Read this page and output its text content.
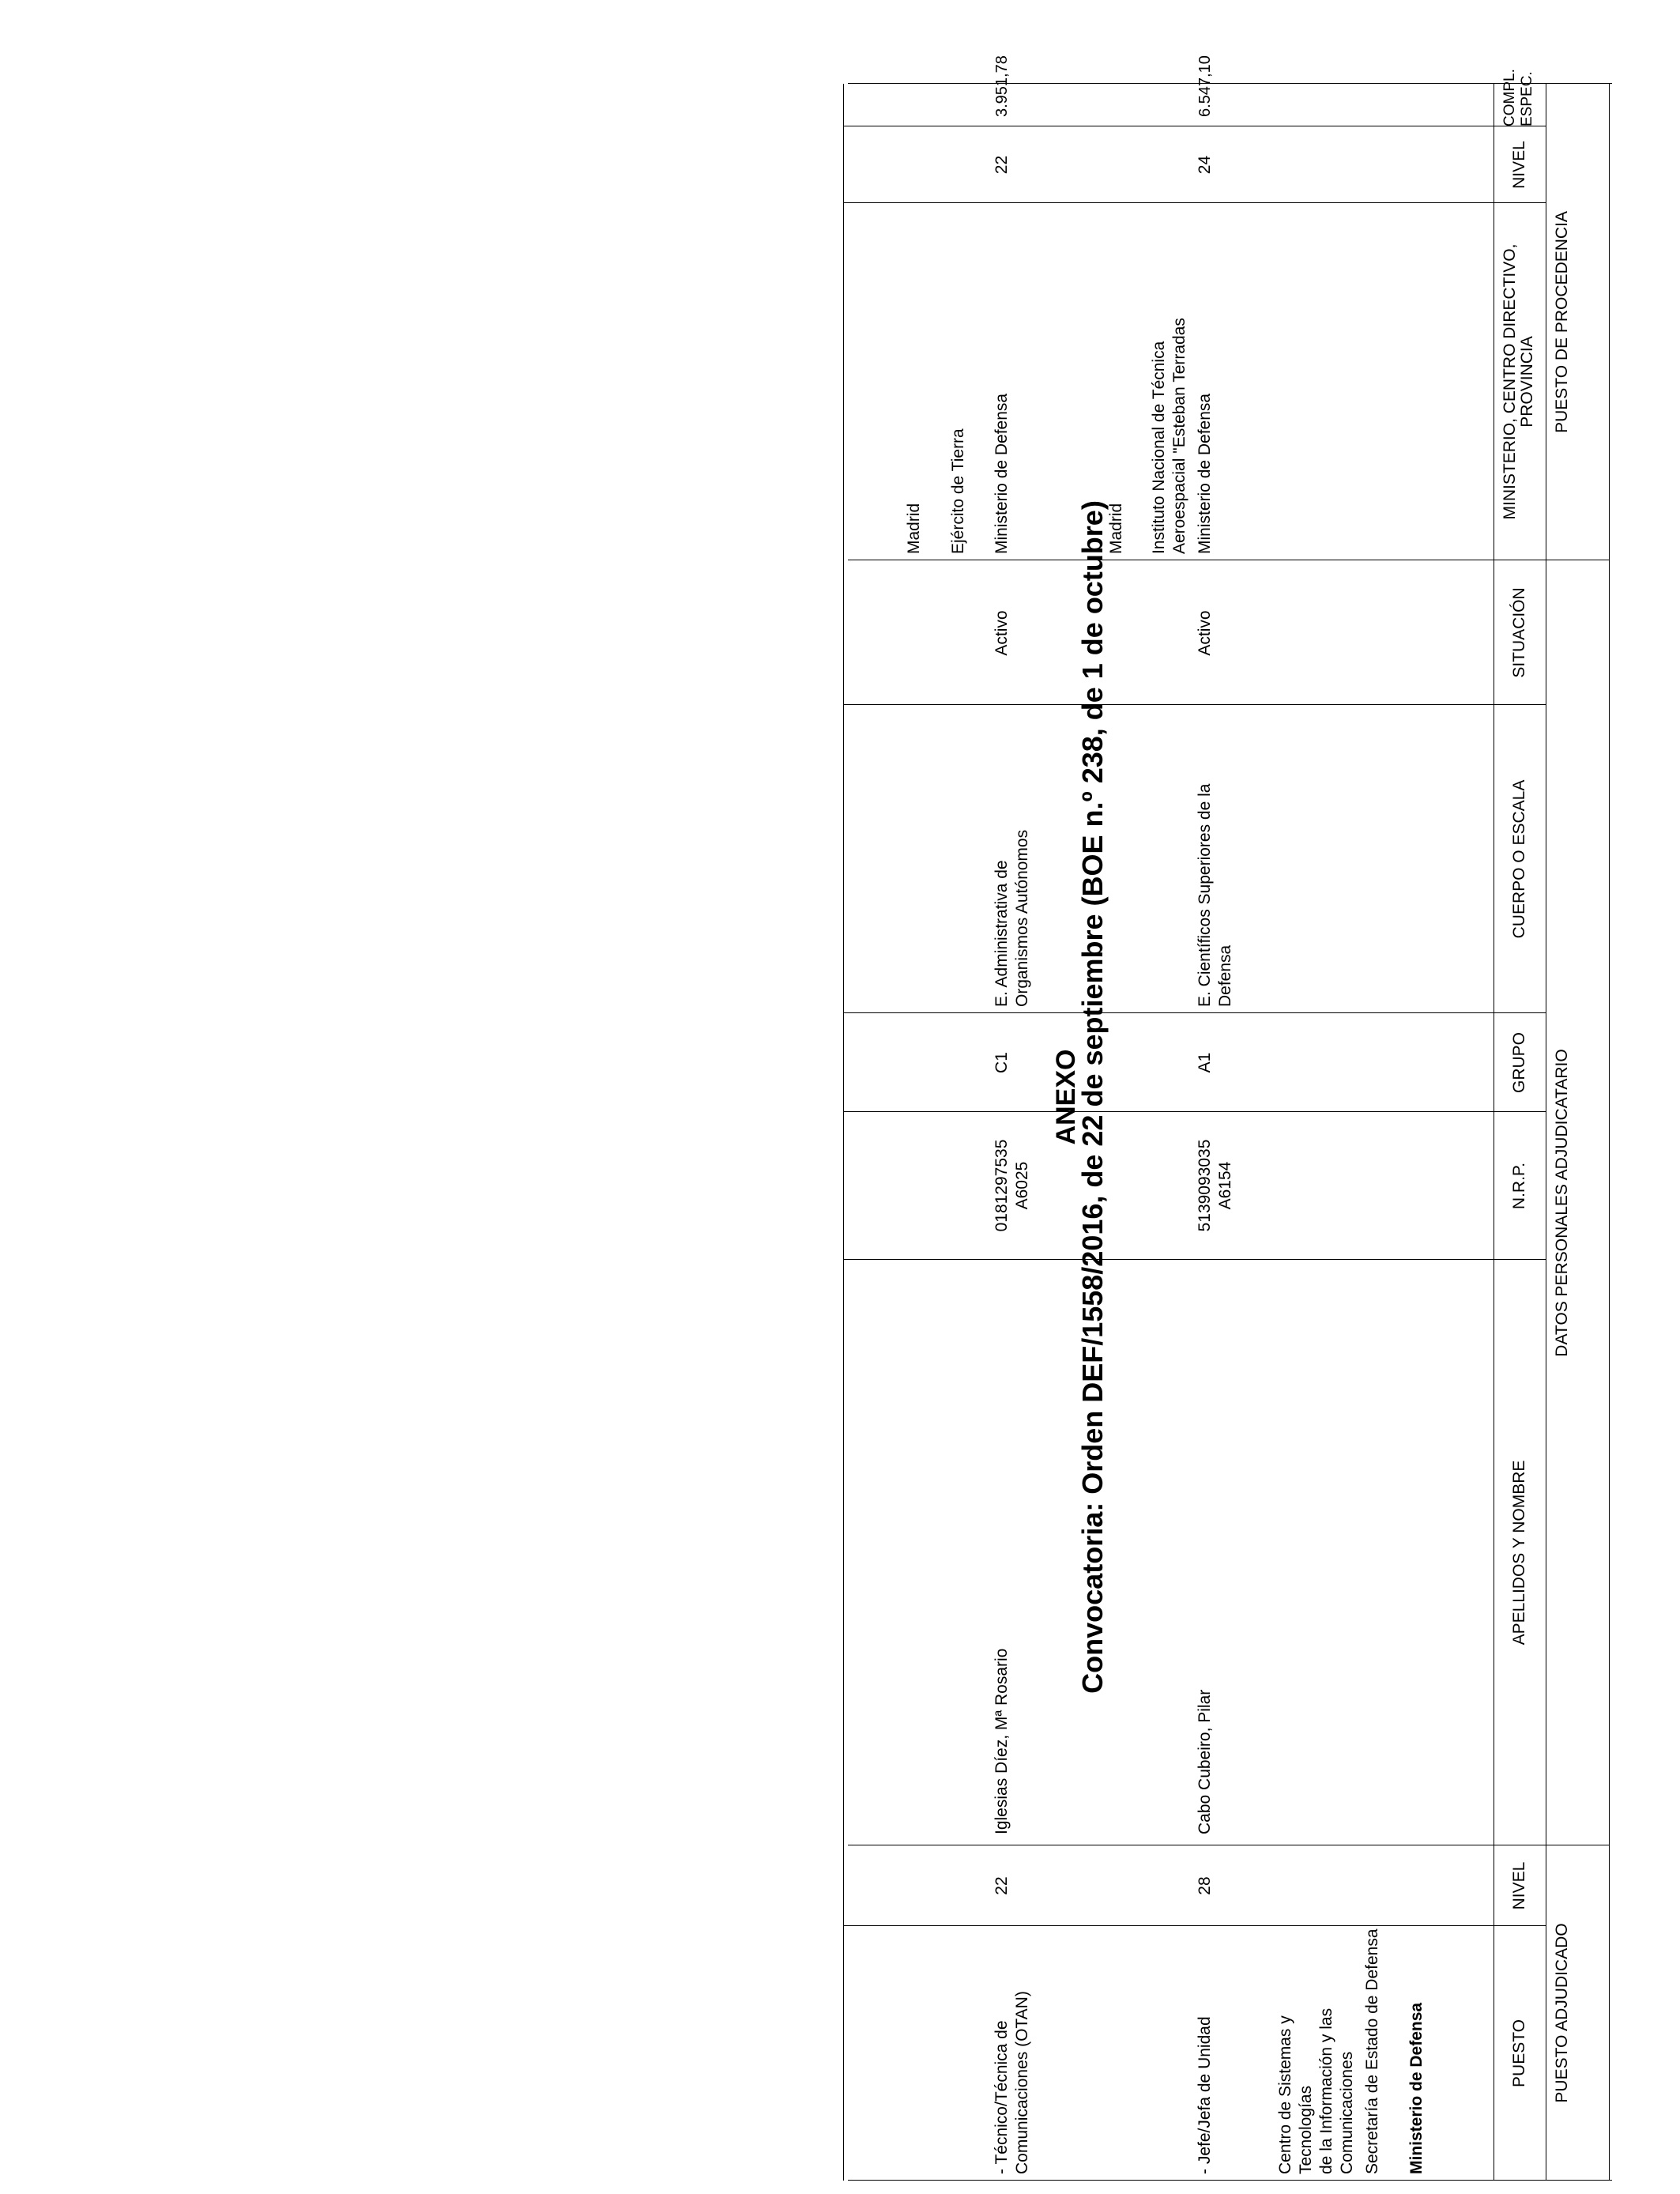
ANEXO
Convocatoria: Orden DEF/1558/2016, de 22 de septiembre (BOE n.º 238, de 1 de octubre)
PUESTO ADJUDICADO
DATOS PERSONALES ADJUDICATARIO
PUESTO DE PROCEDENCIA
PUESTO
NIVEL
APELLIDOS Y NOMBRE
N.R.P.
GRUPO
CUERPO O ESCALA
SITUACIÓN
MINISTERIO, CENTRO DIRECTIVO, PROVINCIA
NIVEL
COMPL. ESPEC.
Ministerio de Defensa
Secretaría de Estado de Defensa
Centro de Sistemas y Tecnologías de la Información y las Comunicaciones
- Jefe/Jefa de Unidad
28
Cabo Cubeiro, Pilar
5139093035 A6154
A1
E. Científicos Superiores de la Defensa
Activo
Ministerio de Defensa
Instituto Nacional de Técnica Aeroespacial "Esteban Terradas
Madrid
24
6.547,10
- Técnico/Técnica de Comunicaciones (OTAN)
22
Iglesias Díez, Mª Rosario
0181297535 A6025
C1
E. Administrativa de Organismos Autónomos
Activo
Ministerio de Defensa
Ejército de Tierra
Madrid
22
3.951,78
